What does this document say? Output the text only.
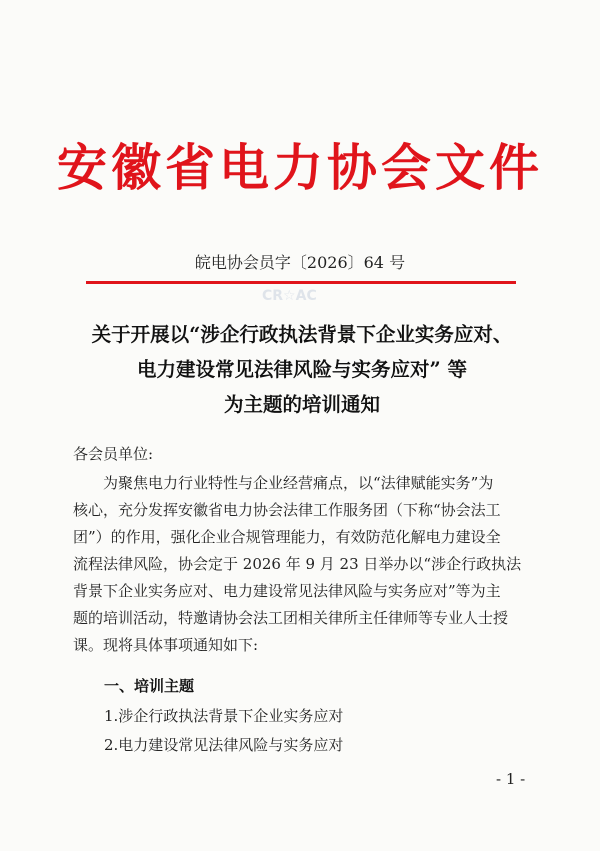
安徽省电力协会文件
皖电协会员字〔2026〕64 号
CR☆AC
关于开展以“涉企行政执法背景下企业实务应对、
电力建设常见法律风险与实务应对” 等
为主题的培训通知
各会员单位:
　　为聚焦电力行业特性与企业经营痛点，以“法律赋能实务”为
核心，充分发挥安徽省电力协会法律工作服务团（下称“协会法工
团”）的作用，强化企业合规管理能力，有效防范化解电力建设全
流程法律风险，协会定于 2026 年 9 月 23 日举办以“涉企行政执法
背景下企业实务应对、电力建设常见法律风险与实务应对”等为主
题的培训活动，特邀请协会法工团相关律所主任律师等专业人士授
课。现将具体事项通知如下:
一、培训主题
1.涉企行政执法背景下企业实务应对
2.电力建设常见法律风险与实务应对
- 1 -
